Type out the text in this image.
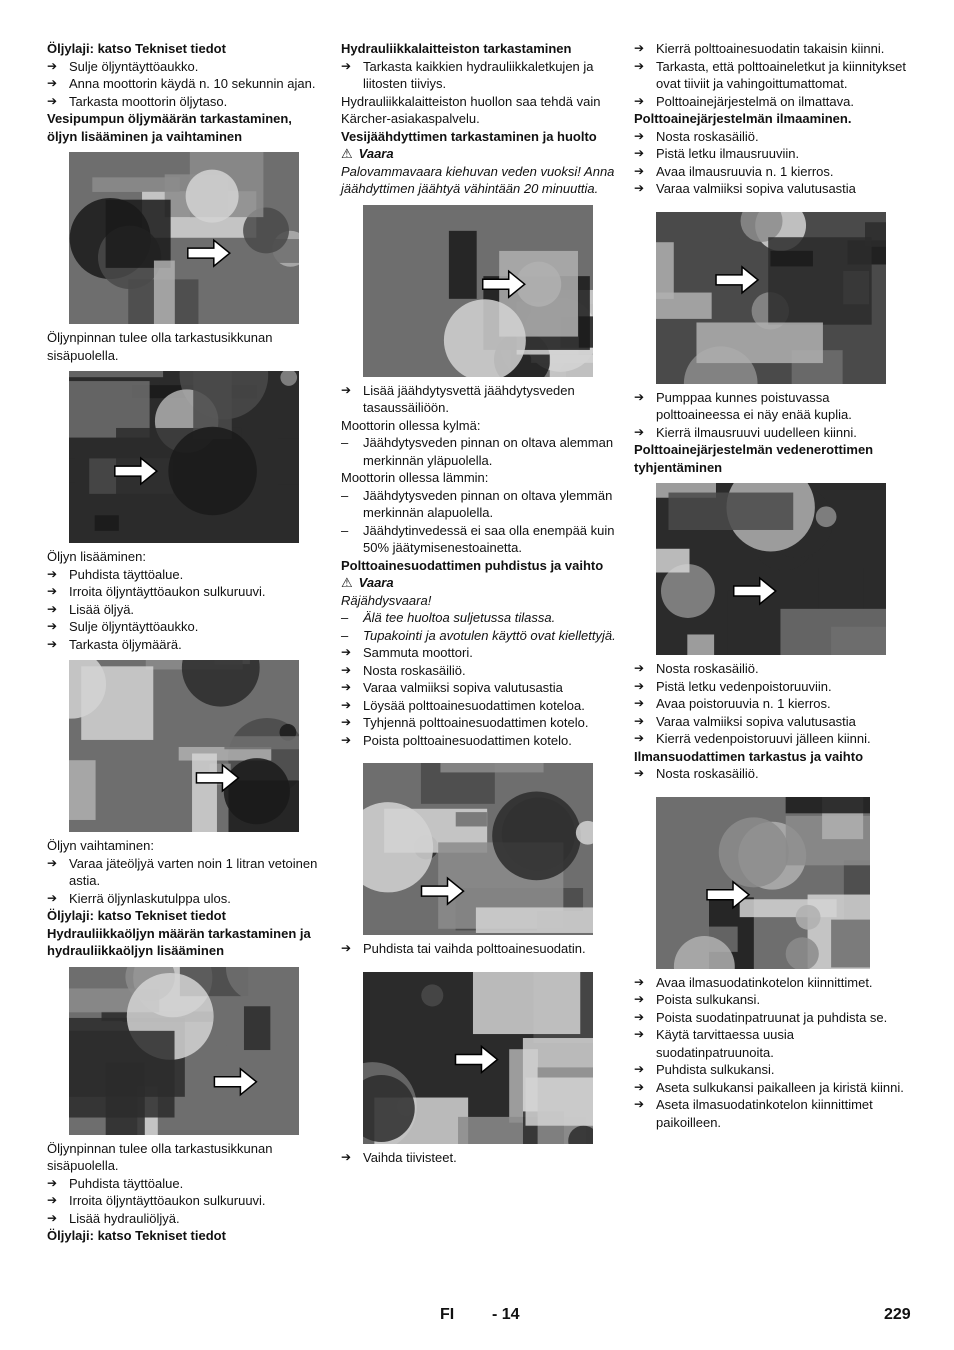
Öljylaji: katso Tekniset tiedot
➔ Sulje öljyntäyttöaukko.
➔ Anna moottorin käydä n. 10 sekunnin ajan.
➔ Tarkasta moottorin öljytaso.
Vesipumpun öljymäärän tarkastaminen, öljyn lisääminen ja vaihtaminen
Öljynpinnan tulee olla tarkastusikkunan sisäpuolella.
Öljyn lisääminen:
➔ Puhdista täyttöalue.
➔ Irroita öljyntäyttöaukon sulkuruuvi.
➔ Lisää öljyä.
➔ Sulje öljyntäyttöaukko.
➔ Tarkasta öljymäärä.
Öljyn vaihtaminen:
➔ Varaa jäteöljyä varten noin 1 litran vetoinen astia.
➔ Kierrä öljynlaskutulppa ulos.
Öljylaji: katso Tekniset tiedot
Hydrauliikkaöljyn määrän tarkastaminen ja hydrauliikkaöljyn lisääminen
Öljynpinnan tulee olla tarkastusikkunan sisäpuolella.
➔ Puhdista täyttöalue.
➔ Irroita öljyntäyttöaukon sulkuruuvi.
➔ Lisää hydrauliöljyä.
Öljylaji: katso Tekniset tiedot
Hydrauliikkalaitteiston tarkastaminen
➔ Tarkasta kaikkien hydrauliikkaletkujen ja liitosten tiiviys.
Hydrauliikkalaitteiston huollon saa tehdä vain Kärcher-asiakaspalvelu.
Vesijäähdyttimen tarkastaminen ja huolto
⚠ Vaara
Palovammavaara kiehuvan veden vuoksi! Anna jäähdyttimen jäähtyä vähintään 20 minuuttia.
➔ Lisää jäähdytysvettä jäähdytysveden tasaussäiliöön.
Moottorin ollessa kylmä:
– Jäähdytysveden pinnan on oltava alemman merkinnän yläpuolella.
Moottorin ollessa lämmin:
– Jäähdytysveden pinnan on oltava ylemmän merkinnän alapuolella.
– Jäähdytinvedessä ei saa olla enempää kuin 50% jäätymisenestoainetta.
Polttoainesuodattimen puhdistus ja vaihto
⚠ Vaara
Räjähdysvaara!
– Älä tee huoltoa suljetussa tilassa.
– Tupakointi ja avotulen käyttö ovat kiellettyjä.
➔ Sammuta moottori.
➔ Nosta roskasäiliö.
➔ Varaa valmiiksi sopiva valutusastia
➔ Löysää polttoainesuodattimen koteloa.
➔ Tyhjennä polttoainesuodattimen kotelo.
➔ Poista polttoainesuodattimen kotelo.
➔ Puhdista tai vaihda polttoainesuodatin.
➔ Vaihda tiivisteet.
➔ Kierrä polttoainesuodatin takaisin kiinni.
➔ Tarkasta, että polttoaineletkut ja kiinnitykset ovat tiiviit ja vahingoittumattomat.
➔ Polttoainejärjestelmä on ilmattava.
Polttoainejärjestelmän ilmaaminen.
➔ Nosta roskasäiliö.
➔ Pistä letku ilmausruuviin.
➔ Avaa ilmausruuvia n. 1 kierros.
➔ Varaa valmiiksi sopiva valutusastia
➔ Pumppaa kunnes poistuvassa polttoaineessa ei näy enää kuplia.
➔ Kierrä ilmausruuvi uudelleen kiinni.
Polttoainejärjestelmän vedenerottimen tyhjentäminen
➔ Nosta roskasäiliö.
➔ Pistä letku vedenpoistoruuviin.
➔ Avaa poistoruuvia n. 1 kierros.
➔ Varaa valmiiksi sopiva valutusastia
➔ Kierrä vedenpoistoruuvi jälleen kiinni.
Ilmansuodattimen tarkastus ja vaihto
➔ Nosta roskasäiliö.
➔ Avaa ilmasuodatinkotelon kiinnittimet.
➔ Poista sulkukansi.
➔ Poista suodatinpatruunat ja puhdista se.
➔ Käytä tarvittaessa uusia suodatinpatruunoita.
➔ Puhdista sulkukansi.
➔ Aseta sulkukansi paikalleen ja kiristä kiinni.
➔ Aseta ilmasuodatinkotelon kiinnittimet paikoilleen.
FI - 14	229
